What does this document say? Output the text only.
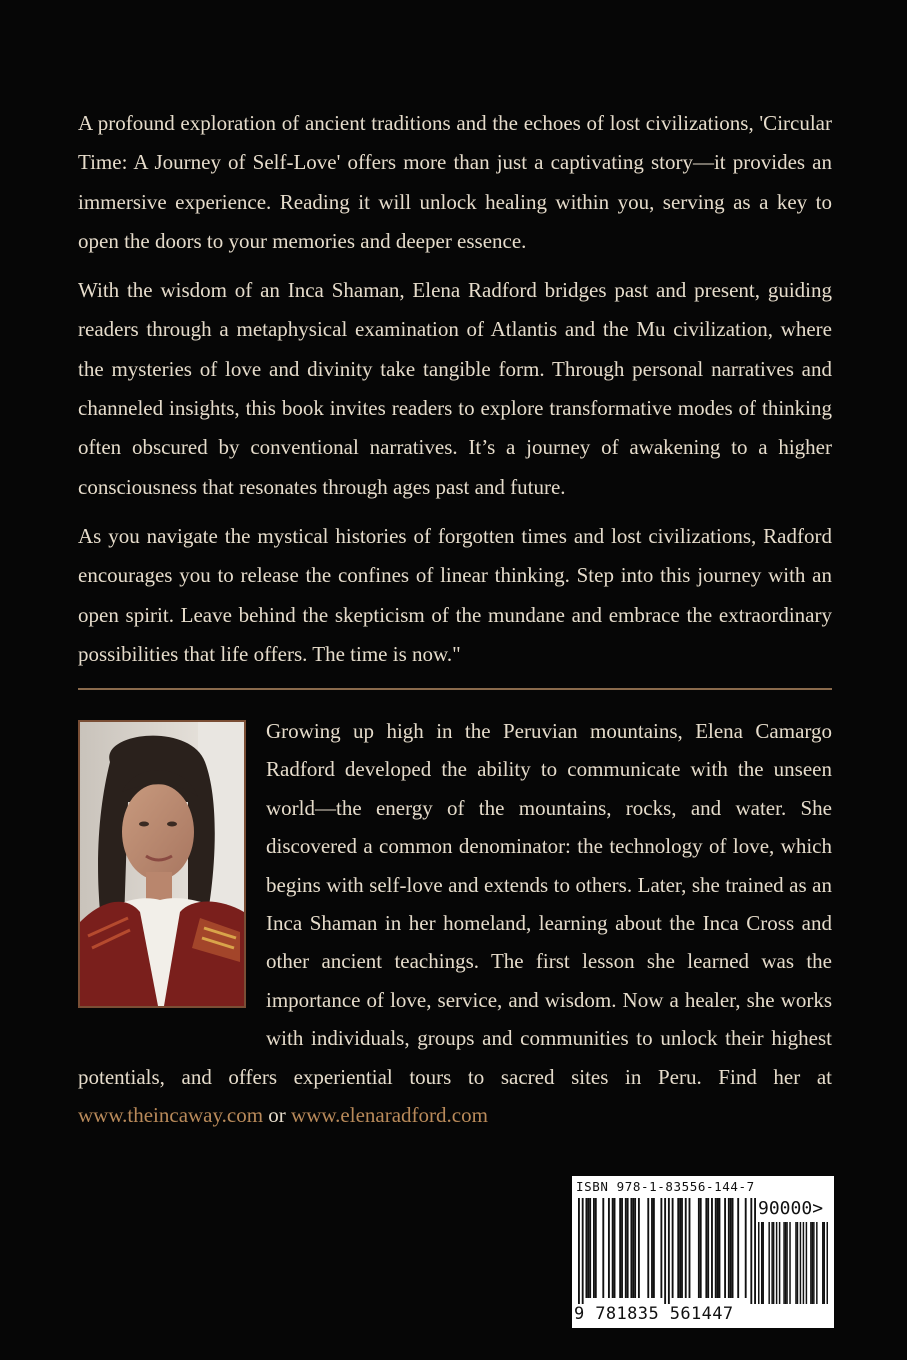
A profound exploration of ancient traditions and the echoes of lost civilizations, 'Circular Time: A Journey of Self-Love' offers more than just a captivating story—it provides an immersive experience. Reading it will unlock healing within you, serving as a key to open the doors to your memories and deeper essence.

With the wisdom of an Inca Shaman, Elena Radford bridges past and present, guiding readers through a metaphysical examination of Atlantis and the Mu civilization, where the mysteries of love and divinity take tangible form. Through personal narratives and channeled insights, this book invites readers to explore transformative modes of thinking often obscured by conventional narratives. It’s a journey of awakening to a higher consciousness that resonates through ages past and future.

As you navigate the mystical histories of forgotten times and lost civilizations, Radford encourages you to release the confines of linear thinking. Step into this journey with an open spirit. Leave behind the skepticism of the mundane and embrace the extraordinary possibilities that life offers. The time is now."

Growing up high in the Peruvian mountains, Elena Camargo Radford developed the ability to communicate with the unseen world—the energy of the mountains, rocks, and water. She discovered a common denominator: the technology of love, which begins with self-love and extends to others. Later, she trained as an Inca Shaman in her homeland, learning about the Inca Cross and other ancient teachings. The first lesson she learned was the importance of love, service, and wisdom. Now a healer, she works with individuals, groups and communities to unlock their highest potentials, and offers experiential tours to sacred sites in Peru. Find her at www.theincaway.com or www.elenaradford.com

ISBN 978-1-83556-144-7
90000>
9 781835 561447
